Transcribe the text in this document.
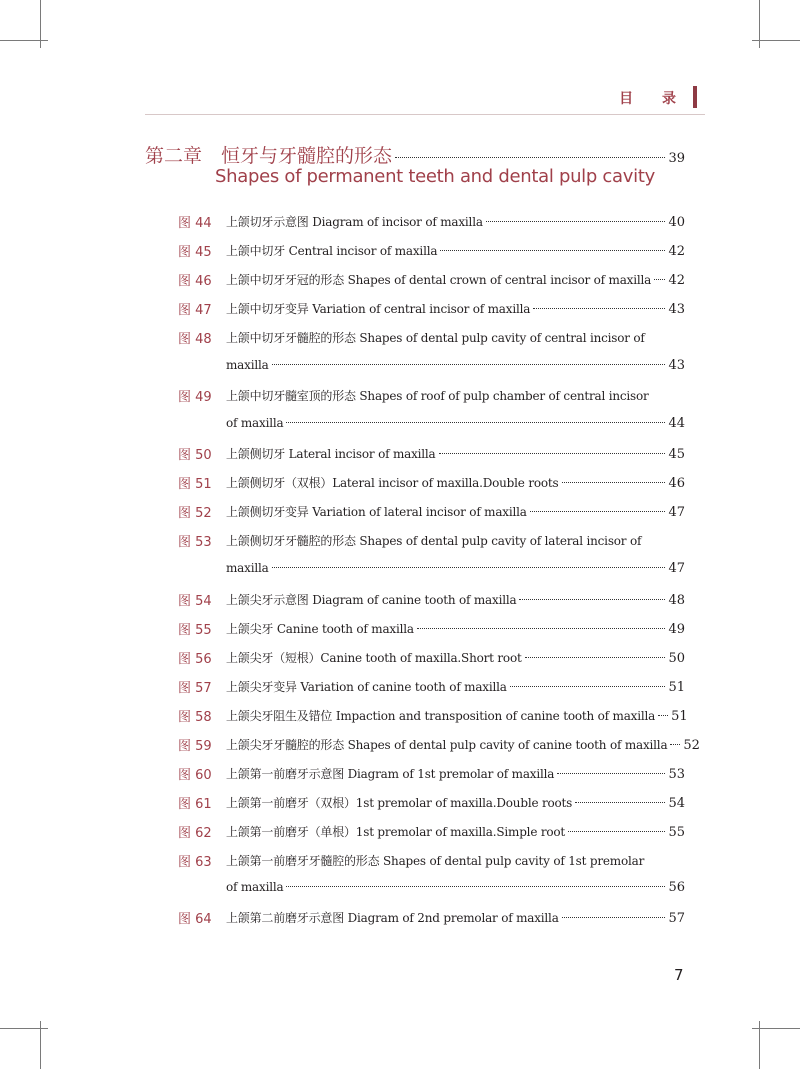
目 录
第二章　恒牙与牙髓腔的形态	39
Shapes of permanent teeth and dental pulp cavity
图 44 上颌切牙示意图 Diagram of incisor of maxilla	40
图 45 上颌中切牙 Central incisor of maxilla	42
图 46 上颌中切牙牙冠的形态 Shapes of dental crown of central incisor of maxilla 42
图 47 上颌中切牙变异 Variation of central incisor of maxilla	43
图 48 上颌中切牙牙髓腔的形态 Shapes of dental pulp cavity of central incisor of
maxilla	43
图 49 上颌中切牙髓室顶的形态 Shapes of roof of pulp chamber of central incisor
of maxilla	44
图 50 上颌侧切牙 Lateral incisor of maxilla	45
图 51 上颌侧切牙（双根）Lateral incisor of maxilla.Double roots	46
图 52 上颌侧切牙变异 Variation of lateral incisor of maxilla	47
图 53 上颌侧切牙牙髓腔的形态 Shapes of dental pulp cavity of lateral incisor of
maxilla	47
图 54 上颌尖牙示意图 Diagram of canine tooth of maxilla	48
图 55 上颌尖牙 Canine tooth of maxilla	49
图 56 上颌尖牙（短根）Canine tooth of maxilla.Short root	50
图 57 上颌尖牙变异 Variation of canine tooth of maxilla	51
图 58 上颌尖牙阻生及错位 Impaction and transposition of canine tooth of maxilla 51
图 59 上颌尖牙牙髓腔的形态 Shapes of dental pulp cavity of canine tooth of maxilla 52
图 60 上颌第一前磨牙示意图 Diagram of 1st premolar of maxilla	53
图 61 上颌第一前磨牙（双根）1st premolar of maxilla.Double roots	54
图 62 上颌第一前磨牙（单根）1st premolar of maxilla.Simple root	55
图 63 上颌第一前磨牙牙髓腔的形态 Shapes of dental pulp cavity of 1st premolar
of maxilla	56
图 64 上颌第二前磨牙示意图 Diagram of 2nd premolar of maxilla	57
7
